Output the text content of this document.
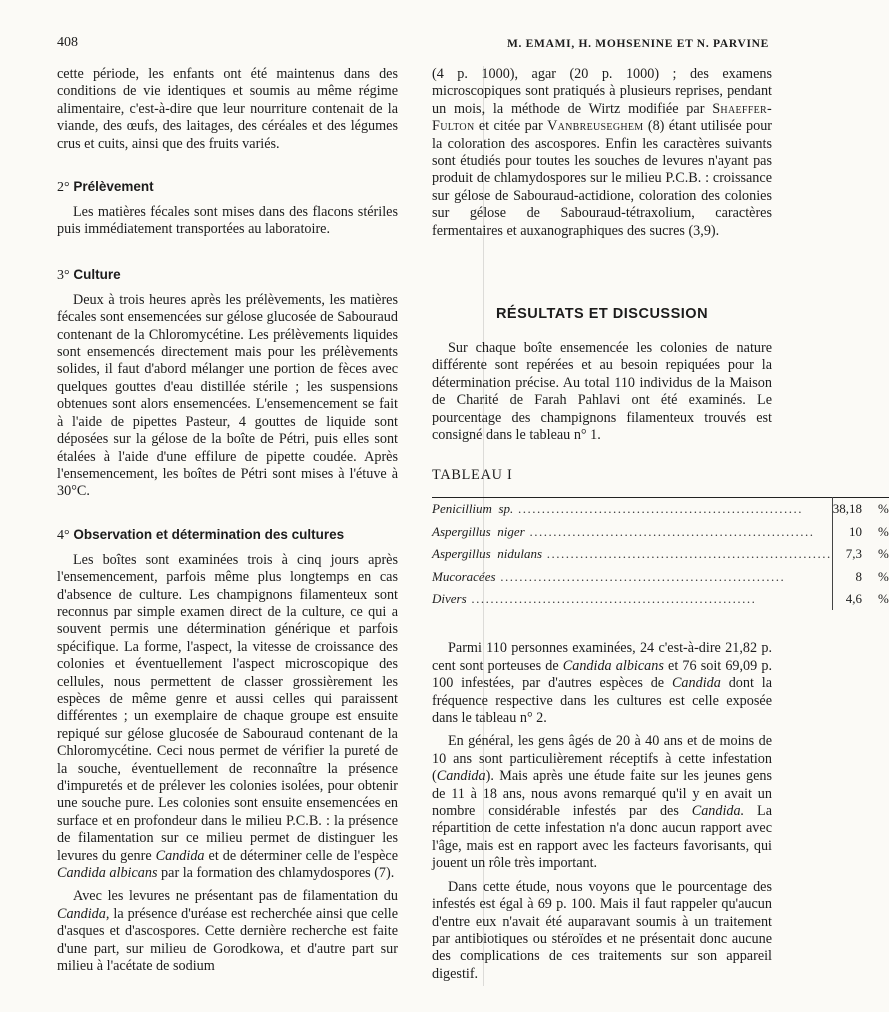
408	M. EMAMI, H. MOHSENINE ET N. PARVINE

cette période, les enfants ont été maintenus dans des conditions de vie identiques et soumis au même régime alimentaire, c'est-à-dire que leur nourriture contenait de la viande, des œufs, des laitages, des céréales et des légumes crus et cuits, ainsi que des fruits variés.

2° Prélèvement

Les matières fécales sont mises dans des flacons stériles puis immédiatement transportées au laboratoire.

3° Culture

Deux à trois heures après les prélèvements, les matières fécales sont ensemencées sur gélose glucosée de Sabouraud contenant de la Chloromycétine. Les prélèvements liquides sont ensemencés directement mais pour les prélèvements solides, il faut d'abord mélanger une portion de fèces avec quelques gouttes d'eau distillée stérile ; les suspensions obtenues sont alors ensemencées. L'ensemencement se fait à l'aide de pipettes Pasteur, 4 gouttes de liquide sont déposées sur la gélose de la boîte de Pétri, puis elles sont étalées à l'aide d'une effilure de pipette coudée. Après l'ensemencement, les boîtes de Pétri sont mises à l'étuve à 30°C.

4° Observation et détermination des cultures

Les boîtes sont examinées trois à cinq jours après l'ensemencement, parfois même plus longtemps en cas d'absence de culture. Les champignons filamenteux sont reconnus par simple examen direct de la culture, ce qui a souvent permis une détermination générique et parfois spécifique. La forme, l'aspect, la vitesse de croissance des colonies et éventuellement l'aspect microscopique des cellules, nous permettent de classer grossièrement les espèces de même genre et aussi celles qui paraissent différentes ; un exemplaire de chaque groupe est ensuite repiqué sur gélose glucosée de Sabouraud contenant de la Chloromycétine. Ceci nous permet de vérifier la pureté de la souche, éventuellement de reconnaître la présence d'impuretés et de prélever les colonies isolées, pour obtenir une souche pure. Les colonies sont ensuite ensemencées en surface et en profondeur dans le milieu P.C.B. : la présence de filamentation sur ce milieu permet de distinguer les levures du genre Candida et de déterminer celle de l'espèce Candida albicans par la formation des chlamydospores (7).

Avec les levures ne présentant pas de filamentation du Candida, la présence d'uréase est recherchée ainsi que celle d'asques et d'ascospores. Cette dernière recherche est faite d'une part, sur milieu de Gorodkowa, et d'autre part sur milieu à l'acétate de sodium

(4 p. 1000), agar (20 p. 1000) ; des examens microscopiques sont pratiqués à plusieurs reprises, pendant un mois, la méthode de Wirtz modifiée par Shaeffer-Fulton et citée par Vanbreuseghem (8) étant utilisée pour la coloration des ascospores. Enfin les caractères suivants sont étudiés pour toutes les souches de levures n'ayant pas produit de chlamydospores sur le milieu P.C.B. : croissance sur gélose de Sabouraud-actidione, coloration des colonies sur gélose de Sabouraud-tétraxolium, caractères fermentaires et auxanographiques des sucres (3,9).

RÉSULTATS ET DISCUSSION

Sur chaque boîte ensemencée les colonies de nature différente sont repérées et au besoin repiquées pour la détermination précise. Au total 110 individus de la Maison de Charité de Farah Pahlavi ont été examinés. Le pourcentage des champignons filamenteux trouvés est consigné dans le tableau n° 1.

TABLEAU I

Penicillium  sp. ............................................................	38,18	%
Aspergillus  niger ............................................................	10	%
Aspergillus  nidulans ............................................................	7,3	%
Mucoracées ............................................................	8	%
Divers ............................................................	4,6	%

Parmi 110 personnes examinées, 24 c'est-à-dire 21,82 p. cent sont porteuses de Candida albicans et 76 soit 69,09 p. 100 infestées, par d'autres espèces de Candida dont la fréquence respective dans les cultures est celle exposée dans le tableau n° 2.

En général, les gens âgés de 20 à 40 ans et de moins de 10 ans sont particulièrement réceptifs à cette infestation (Candida). Mais après une étude faite sur les jeunes gens de 11 à 18 ans, nous avons remarqué qu'il y en avait un nombre considérable infestés par des Candida. La répartition de cette infestation n'a donc aucun rapport avec l'âge, mais est en rapport avec les facteurs favorisants, qui jouent un rôle très important.

Dans cette étude, nous voyons que le pourcentage des infestés est égal à 69 p. 100. Mais il faut rappeler qu'aucun d'entre eux n'avait été auparavant soumis à un traitement par antibiotiques ou stéroïdes et ne présentait donc aucune des complications de ces traitements sur son appareil digestif.
